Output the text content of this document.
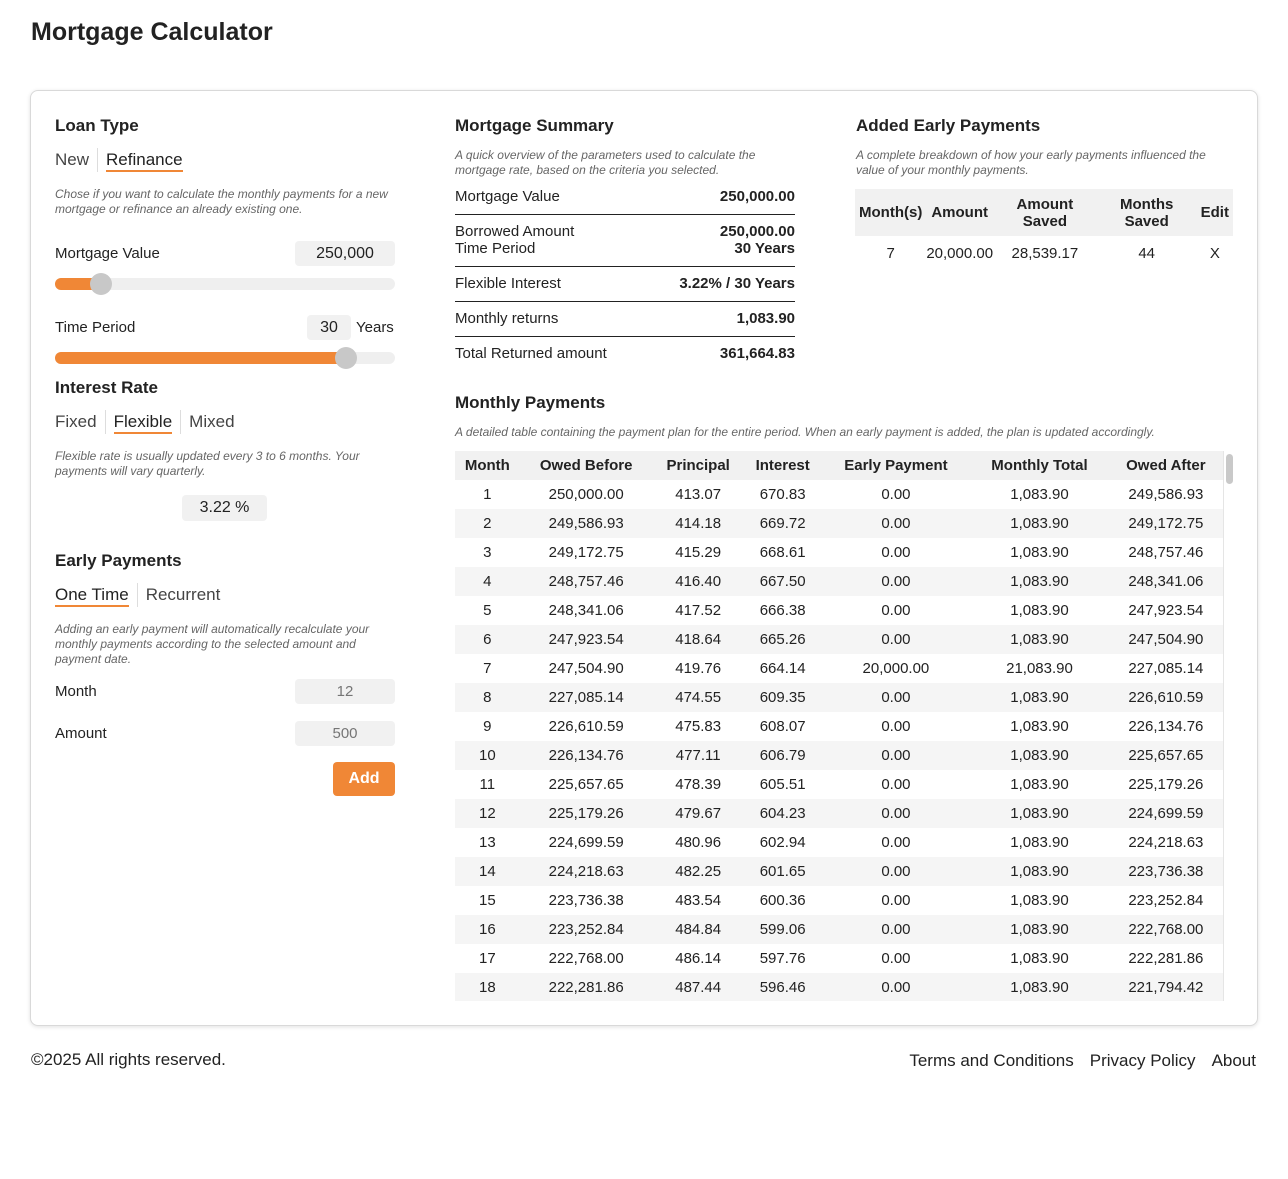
Mortgage Calculator
Loan Type
New	Refinance
Chose if you want to calculate the monthly payments for a new mortgage or refinance an already existing one.
Mortgage Value
250,000
Time Period
30	Years
Interest Rate
Fixed	Flexible	Mixed
Flexible rate is usually updated every 3 to 6 months. Your payments will vary quarterly.
3.22 %
Early Payments
One Time	Recurrent
Adding an early payment will automatically recalculate your monthly payments according to the selected amount and payment date.
Month
12
Amount
500
Add
Mortgage Summary
A quick overview of the parameters used to calculate the mortgage rate, based on the criteria you selected.
Mortgage Value	250,000.00
Borrowed Amount	250,000.00
Time Period	30 Years
Flexible Interest	3.22% / 30 Years
Monthly returns	1,083.90
Total Returned amount	361,664.83
Added Early Payments
A complete breakdown of how your early payments influenced the value of your monthly payments.
Month(s)	Amount	Amount Saved	Months Saved	Edit
7	20,000.00	28,539.17	44	X
Monthly Payments
A detailed table containing the payment plan for the entire period. When an early payment is added, the plan is updated accordingly.
Month	Owed Before	Principal	Interest	Early Payment	Monthly Total	Owed After
1	250,000.00	413.07	670.83	0.00	1,083.90	249,586.93
2	249,586.93	414.18	669.72	0.00	1,083.90	249,172.75
3	249,172.75	415.29	668.61	0.00	1,083.90	248,757.46
4	248,757.46	416.40	667.50	0.00	1,083.90	248,341.06
5	248,341.06	417.52	666.38	0.00	1,083.90	247,923.54
6	247,923.54	418.64	665.26	0.00	1,083.90	247,504.90
7	247,504.90	419.76	664.14	20,000.00	21,083.90	227,085.14
8	227,085.14	474.55	609.35	0.00	1,083.90	226,610.59
9	226,610.59	475.83	608.07	0.00	1,083.90	226,134.76
10	226,134.76	477.11	606.79	0.00	1,083.90	225,657.65
11	225,657.65	478.39	605.51	0.00	1,083.90	225,179.26
12	225,179.26	479.67	604.23	0.00	1,083.90	224,699.59
13	224,699.59	480.96	602.94	0.00	1,083.90	224,218.63
14	224,218.63	482.25	601.65	0.00	1,083.90	223,736.38
15	223,736.38	483.54	600.36	0.00	1,083.90	223,252.84
16	223,252.84	484.84	599.06	0.00	1,083.90	222,768.00
17	222,768.00	486.14	597.76	0.00	1,083.90	222,281.86
18	222,281.86	487.44	596.46	0.00	1,083.90	221,794.42
©2025 All rights reserved.	Terms and Conditions Privacy Policy About
